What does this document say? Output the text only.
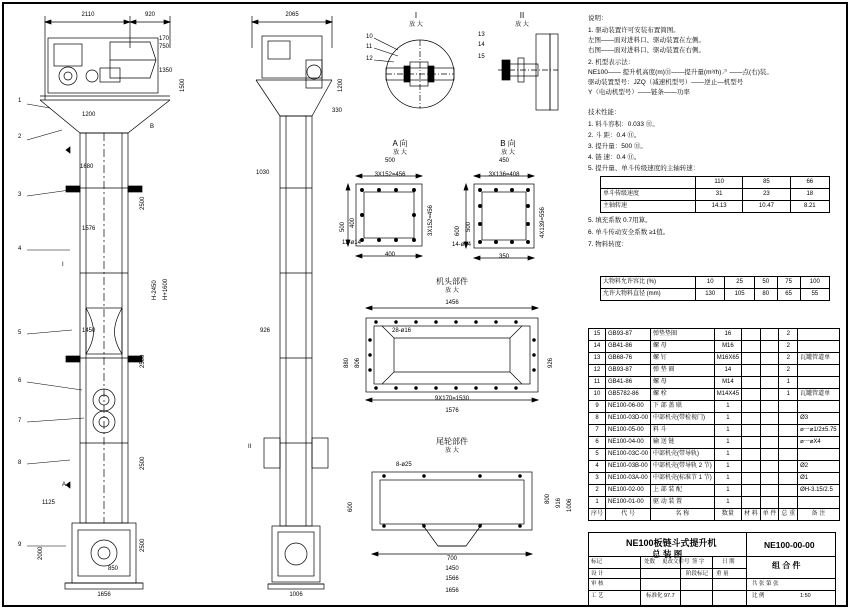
2110	920
170
750
1350
1500
1200
1680
2500
1576
H-2450 H+1600
1450
2500
2500
2500
1125
2000
850
1656
B
I
II
A
1
2
3
4
5
6
7
8
9
2065
1200
330
1030
926
1006
I
放 大
10
11
12
II
放 大
13
14
15
A 向
放 大
500
3X152=456
500 400	3X152=456
12-ø14
400
B 向
放 大
450
3X136=408
600 500	4X139=556
14-ø14
350
机头部件
放 大
1456
28-ø16
880 806	926
9X170=1530
1576
尾轮部件
放 大
8-ø25
600
800 916 1006
700
1450
1566
1656
说明：
1. 驱动装置许可安装布置简图。
左图——面对进料口、驱动装置在左侧。
右图——面对进料口、驱动装置在右侧。
2. 机型表示法：
NE100—— 提升机高度(m)⑪——提升量(m³/h)↗ ——点(右)装。
驱动装置型号：JZQ（减速机型号）——逆止—机型号
Y（电动机型号）——链条——功率
技术性能：
1. 料斗容积：0.033 ⑪。
2. 斗 距：0.4 ⑪。
3. 提升量：500 ⑪。
4. 链 速：0.4 ⑪。
5. 提升量、单斗传级速度的主轴转速：
	110	85	66
单斗传级速度	31	23	18
主轴转速	14.13	10.47	8.21
5. 填充系数 0.7用算。
6. 单斗传动安全系数 ≥1值。
7. 物料转度：
大物料允许容比 (%)	10	25	50	75	100
允许大物料直径 (mm)	130	105	80	65	55
15	GB93-87	弹垫垫圈	16			2	
14	GB41-86	螺 母	M16			2	
13	GB68-76	螺 钉	M16X65			2	瓦罐管道单
12	GB93-87	弹 垫 圈	14			2	
11	GB41-86	螺 母	M14			1	
10	GB5782-86	螺 栓	M14X45			1	瓦罐管道单
9	NE100-06-00	下 部 盖 联	1				
8	NE100-03D-00	中部机壳(带检视门)	1				Ø3
7	NE100-05-00	料 斗	1				⌀一⌀1/2±5.75
6	NE100-04-00	输 送 链	1				⌀一⌀X4
5	NE100-03C-00	中部机壳(带导轨)	1				
4	NE100-03B-00	中部机壳(带导轨 2 节)	1				Ø2
3	NE100-03A-00	中部机壳(标准节 1 节)	1				Ø1
2	NE100-02-00	上 部 装 配	1				ØH-3.15/2.5
1	NE100-01-00	驱 动 装 置	1				
序号	代 号	名 称	数量	材 料	单 件	总 重	备 注
NE100板链斗式提升机
总 装 图
NE100-00-00
组 合 件
标记	处数 更改文件号 签 字	日 期
设 计
审 核
工 艺	标准化
阶段标记 重 量
比 例	1:50
97.7
共 张 第 张
